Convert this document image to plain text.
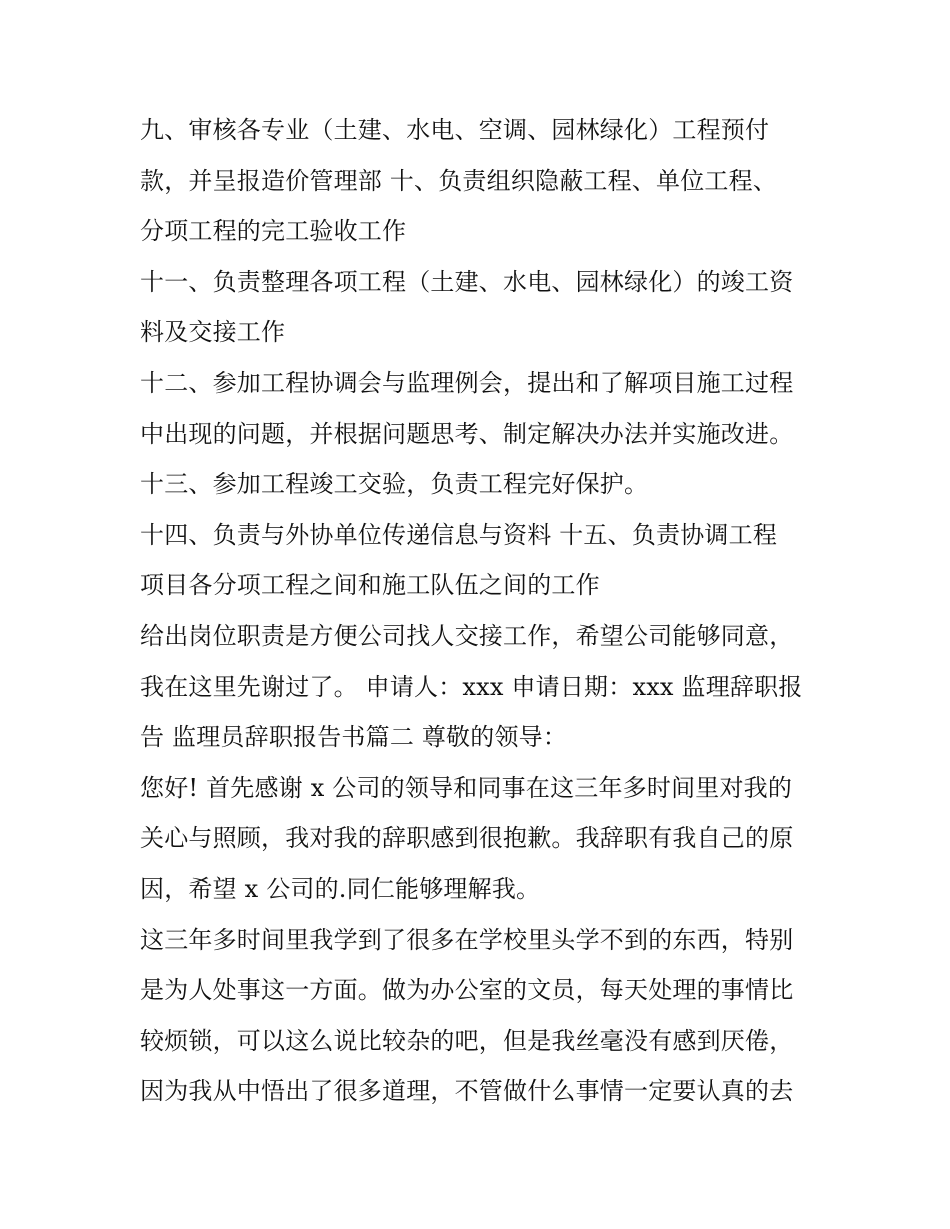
九、审核各专业（土建、水电、空调、园林绿化）工程预付
款，并呈报造价管理部 十、负责组织隐蔽工程、单位工程、
分项工程的完工验收工作
十一、负责整理各项工程（土建、水电、园林绿化）的竣工资
料及交接工作
十二、参加工程协调会与监理例会，提出和了解项目施工过程
中出现的问题，并根据问题思考、制定解决办法并实施改进。
十三、参加工程竣工交验，负责工程完好保护。
十四、负责与外协单位传递信息与资料 十五、负责协调工程
项目各分项工程之间和施工队伍之间的工作
给出岗位职责是方便公司找人交接工作，希望公司能够同意，
我在这里先谢过了。 申请人：xxx 申请日期：xxx 监理辞职报
告 监理员辞职报告书篇二 尊敬的领导：
您好! 首先感谢 x 公司的领导和同事在这三年多时间里对我的
关心与照顾，我对我的辞职感到很抱歉。我辞职有我自己的原
因，希望 x 公司的.同仁能够理解我。
这三年多时间里我学到了很多在学校里头学不到的东西，特别
是为人处事这一方面。做为办公室的文员，每天处理的事情比
较烦锁，可以这么说比较杂的吧，但是我丝毫没有感到厌倦，
因为我从中悟出了很多道理，不管做什么事情一定要认真的去
